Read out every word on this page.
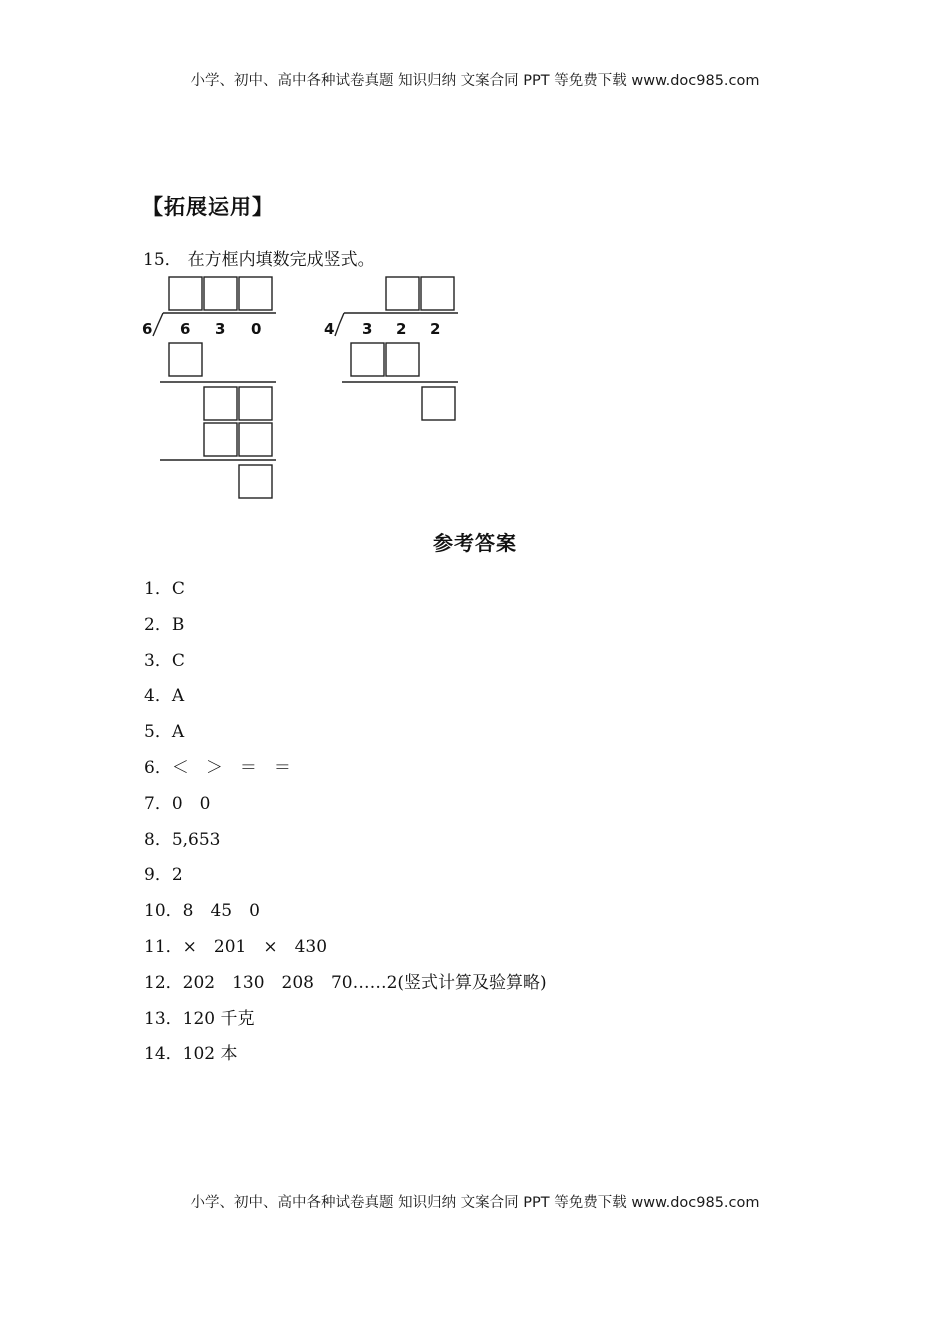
小学、初中、高中各种试卷真题 知识归纳 文案合同 PPT 等免费下载 www.doc985.com
【拓展运用】
15． 在方框内填数完成竖式。
6 6 3 0	4 3 2 2
参考答案
1．C
2．B
3．C
4．A
5．A
6．＜　＞　＝　＝
7．0　0
8．5,653
9．2
10．8　45　0
11．×　201　×　430
12．202　130　208　70……2(竖式计算及验算略)
13．120 千克
14．102 本
小学、初中、高中各种试卷真题 知识归纳 文案合同 PPT 等免费下载 www.doc985.com
